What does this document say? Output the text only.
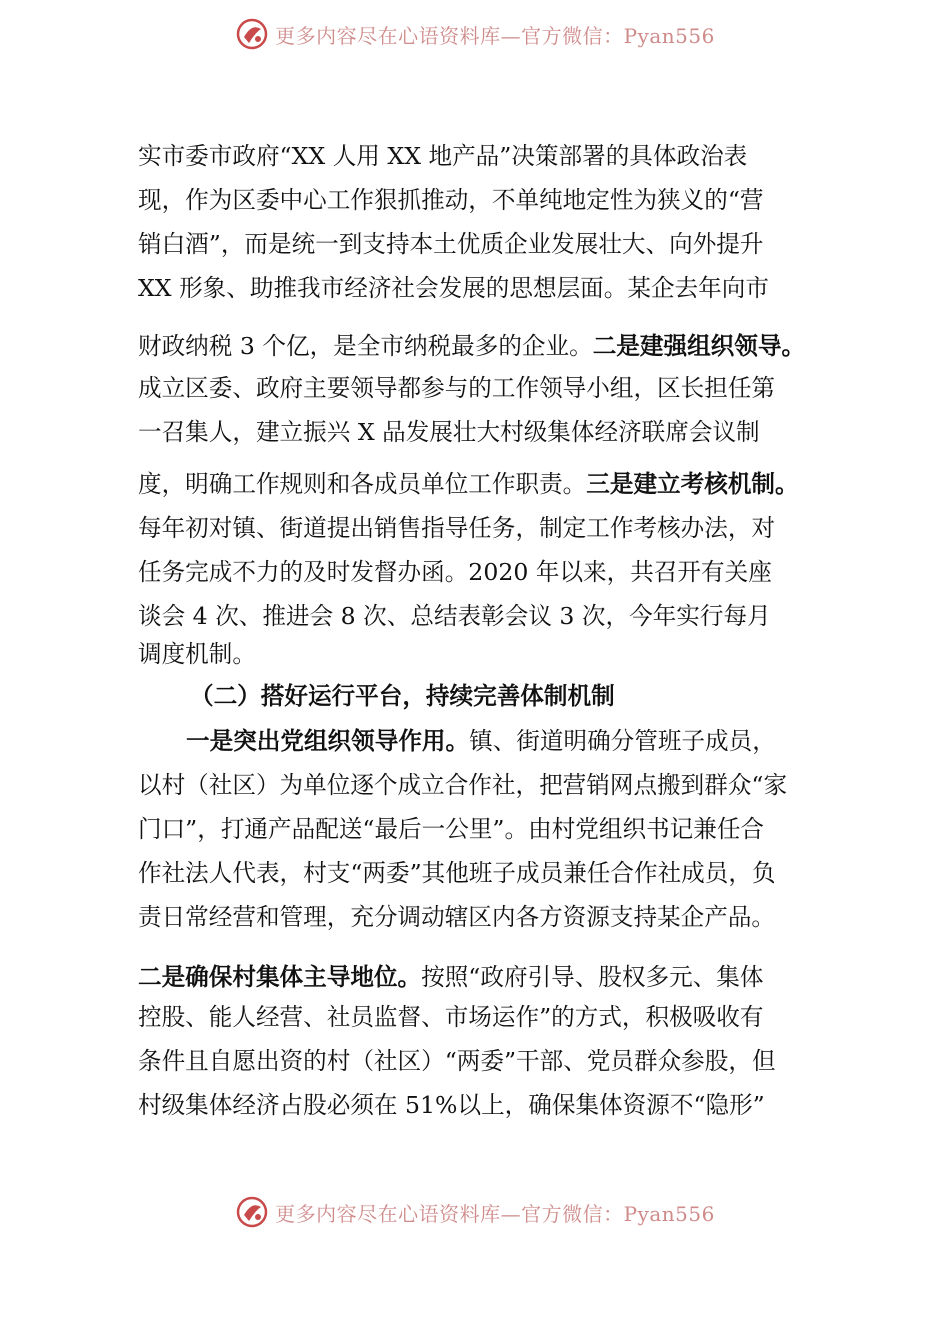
更多内容尽在心语资料库—官方微信：Pyan556

实市委市政府“XX 人用 XX 地产品”决策部署的具体政治表

现，作为区委中心工作狠抓推动，不单纯地定性为狭义的“营

销白酒”，而是统一到支持本土优质企业发展壮大、向外提升

XX 形象、助推我市经济社会发展的思想层面。某企去年向市

财政纳税 3 个亿，是全市纳税最多的企业。二是建强组织领导。

成立区委、政府主要领导都参与的工作领导小组，区长担任第

一召集人，建立振兴 X 品发展壮大村级集体经济联席会议制

度，明确工作规则和各成员单位工作职责。三是建立考核机制。

每年初对镇、街道提出销售指导任务，制定工作考核办法，对

任务完成不力的及时发督办函。2020 年以来，共召开有关座

谈会 4 次、推进会 8 次、总结表彰会议 3 次，今年实行每月

调度机制。

（二）搭好运行平台，持续完善体制机制

一是突出党组织领导作用。镇、街道明确分管班子成员，

以村（社区）为单位逐个成立合作社，把营销网点搬到群众“家

门口”，打通产品配送“最后一公里”。由村党组织书记兼任合

作社法人代表，村支“两委”其他班子成员兼任合作社成员，负

责日常经营和管理，充分调动辖区内各方资源支持某企产品。

二是确保村集体主导地位。按照“政府引导、股权多元、集体

控股、能人经营、社员监督、市场运作”的方式，积极吸收有

条件且自愿出资的村（社区）“两委”干部、党员群众参股，但

村级集体经济占股必须在 51%以上，确保集体资源不“隐形”

更多内容尽在心语资料库—官方微信：Pyan556
